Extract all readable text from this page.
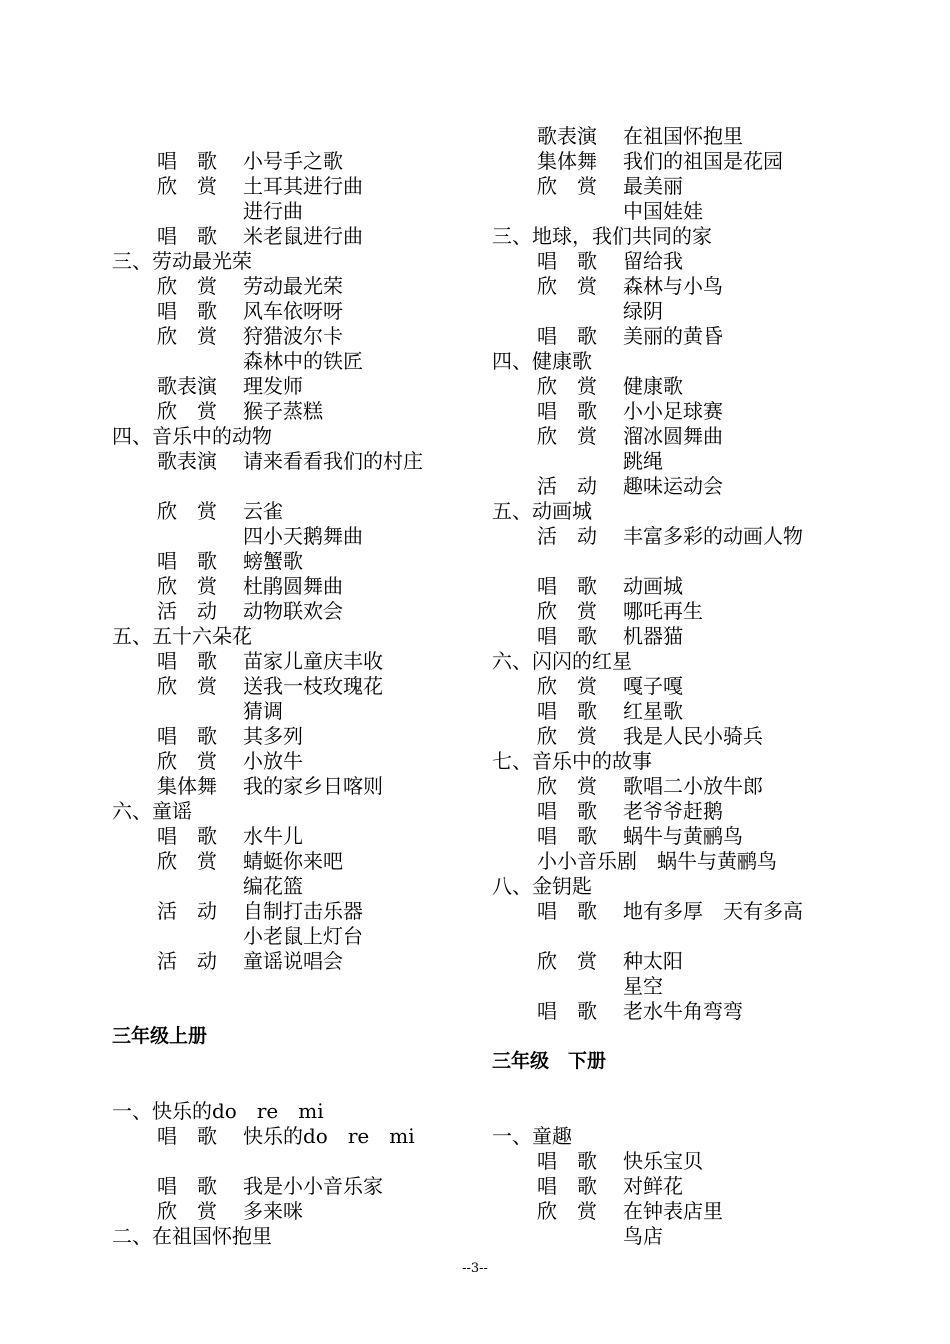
唱　歌 小号手之歌
欣　赏 土耳其进行曲
进行曲
唱　歌 米老鼠进行曲
三、劳动最光荣
欣　赏 劳动最光荣
唱　歌 风车依呀呀
欣　赏 狩猎波尔卡
森林中的铁匠
歌表演 理发师
欣　赏 猴子蒸糕
四、音乐中的动物
歌表演 请来看看我们的村庄
欣　赏 云雀
四小天鹅舞曲
唱　歌 螃蟹歌
欣　赏 杜鹃圆舞曲
活　动 动物联欢会
五、五十六朵花
唱　歌 苗家儿童庆丰收
欣　赏 送我一枝玫瑰花
猜调
唱　歌 其多列
欣　赏 小放牛
集体舞 我的家乡日喀则
六、童谣
唱　歌 水牛儿
欣　赏 蜻蜓你来吧
编花篮
活　动 自制打击乐器
小老鼠上灯台
活　动 童谣说唱会
三年级上册
一、快乐的do　re　mi
唱　歌 快乐的do　re　mi
唱　歌 我是小小音乐家
欣　赏 多来咪
二、在祖国怀抱里
歌表演 在祖国怀抱里
集体舞 我们的祖国是花园
欣　赏 最美丽
中国娃娃
三、地球，我们共同的家
唱　歌 留给我
欣　赏 森林与小鸟
绿阴
唱　歌 美丽的黄昏
四、健康歌
欣　赏 健康歌
唱　歌 小小足球赛
欣　赏 溜冰圆舞曲
跳绳
活　动 趣味运动会
五、动画城
活　动 丰富多彩的动画人物
唱　歌 动画城
欣　赏 哪吒再生
唱　歌 机器猫
六、闪闪的红星
欣　赏 嘎子嘎
唱　歌 红星歌
欣　赏 我是人民小骑兵
七、音乐中的故事
欣　赏 歌唱二小放牛郎
唱　歌 老爷爷赶鹅
唱　歌 蜗牛与黄鹂鸟
小小音乐剧　蜗牛与黄鹂鸟
八、金钥匙
唱　歌 地有多厚　天有多高
欣　赏 种太阳
星空
唱　歌 老水牛角弯弯
三年级　下册
一、童趣
唱　歌 快乐宝贝
唱　歌 对鲜花
欣　赏 在钟表店里
鸟店
--3--
